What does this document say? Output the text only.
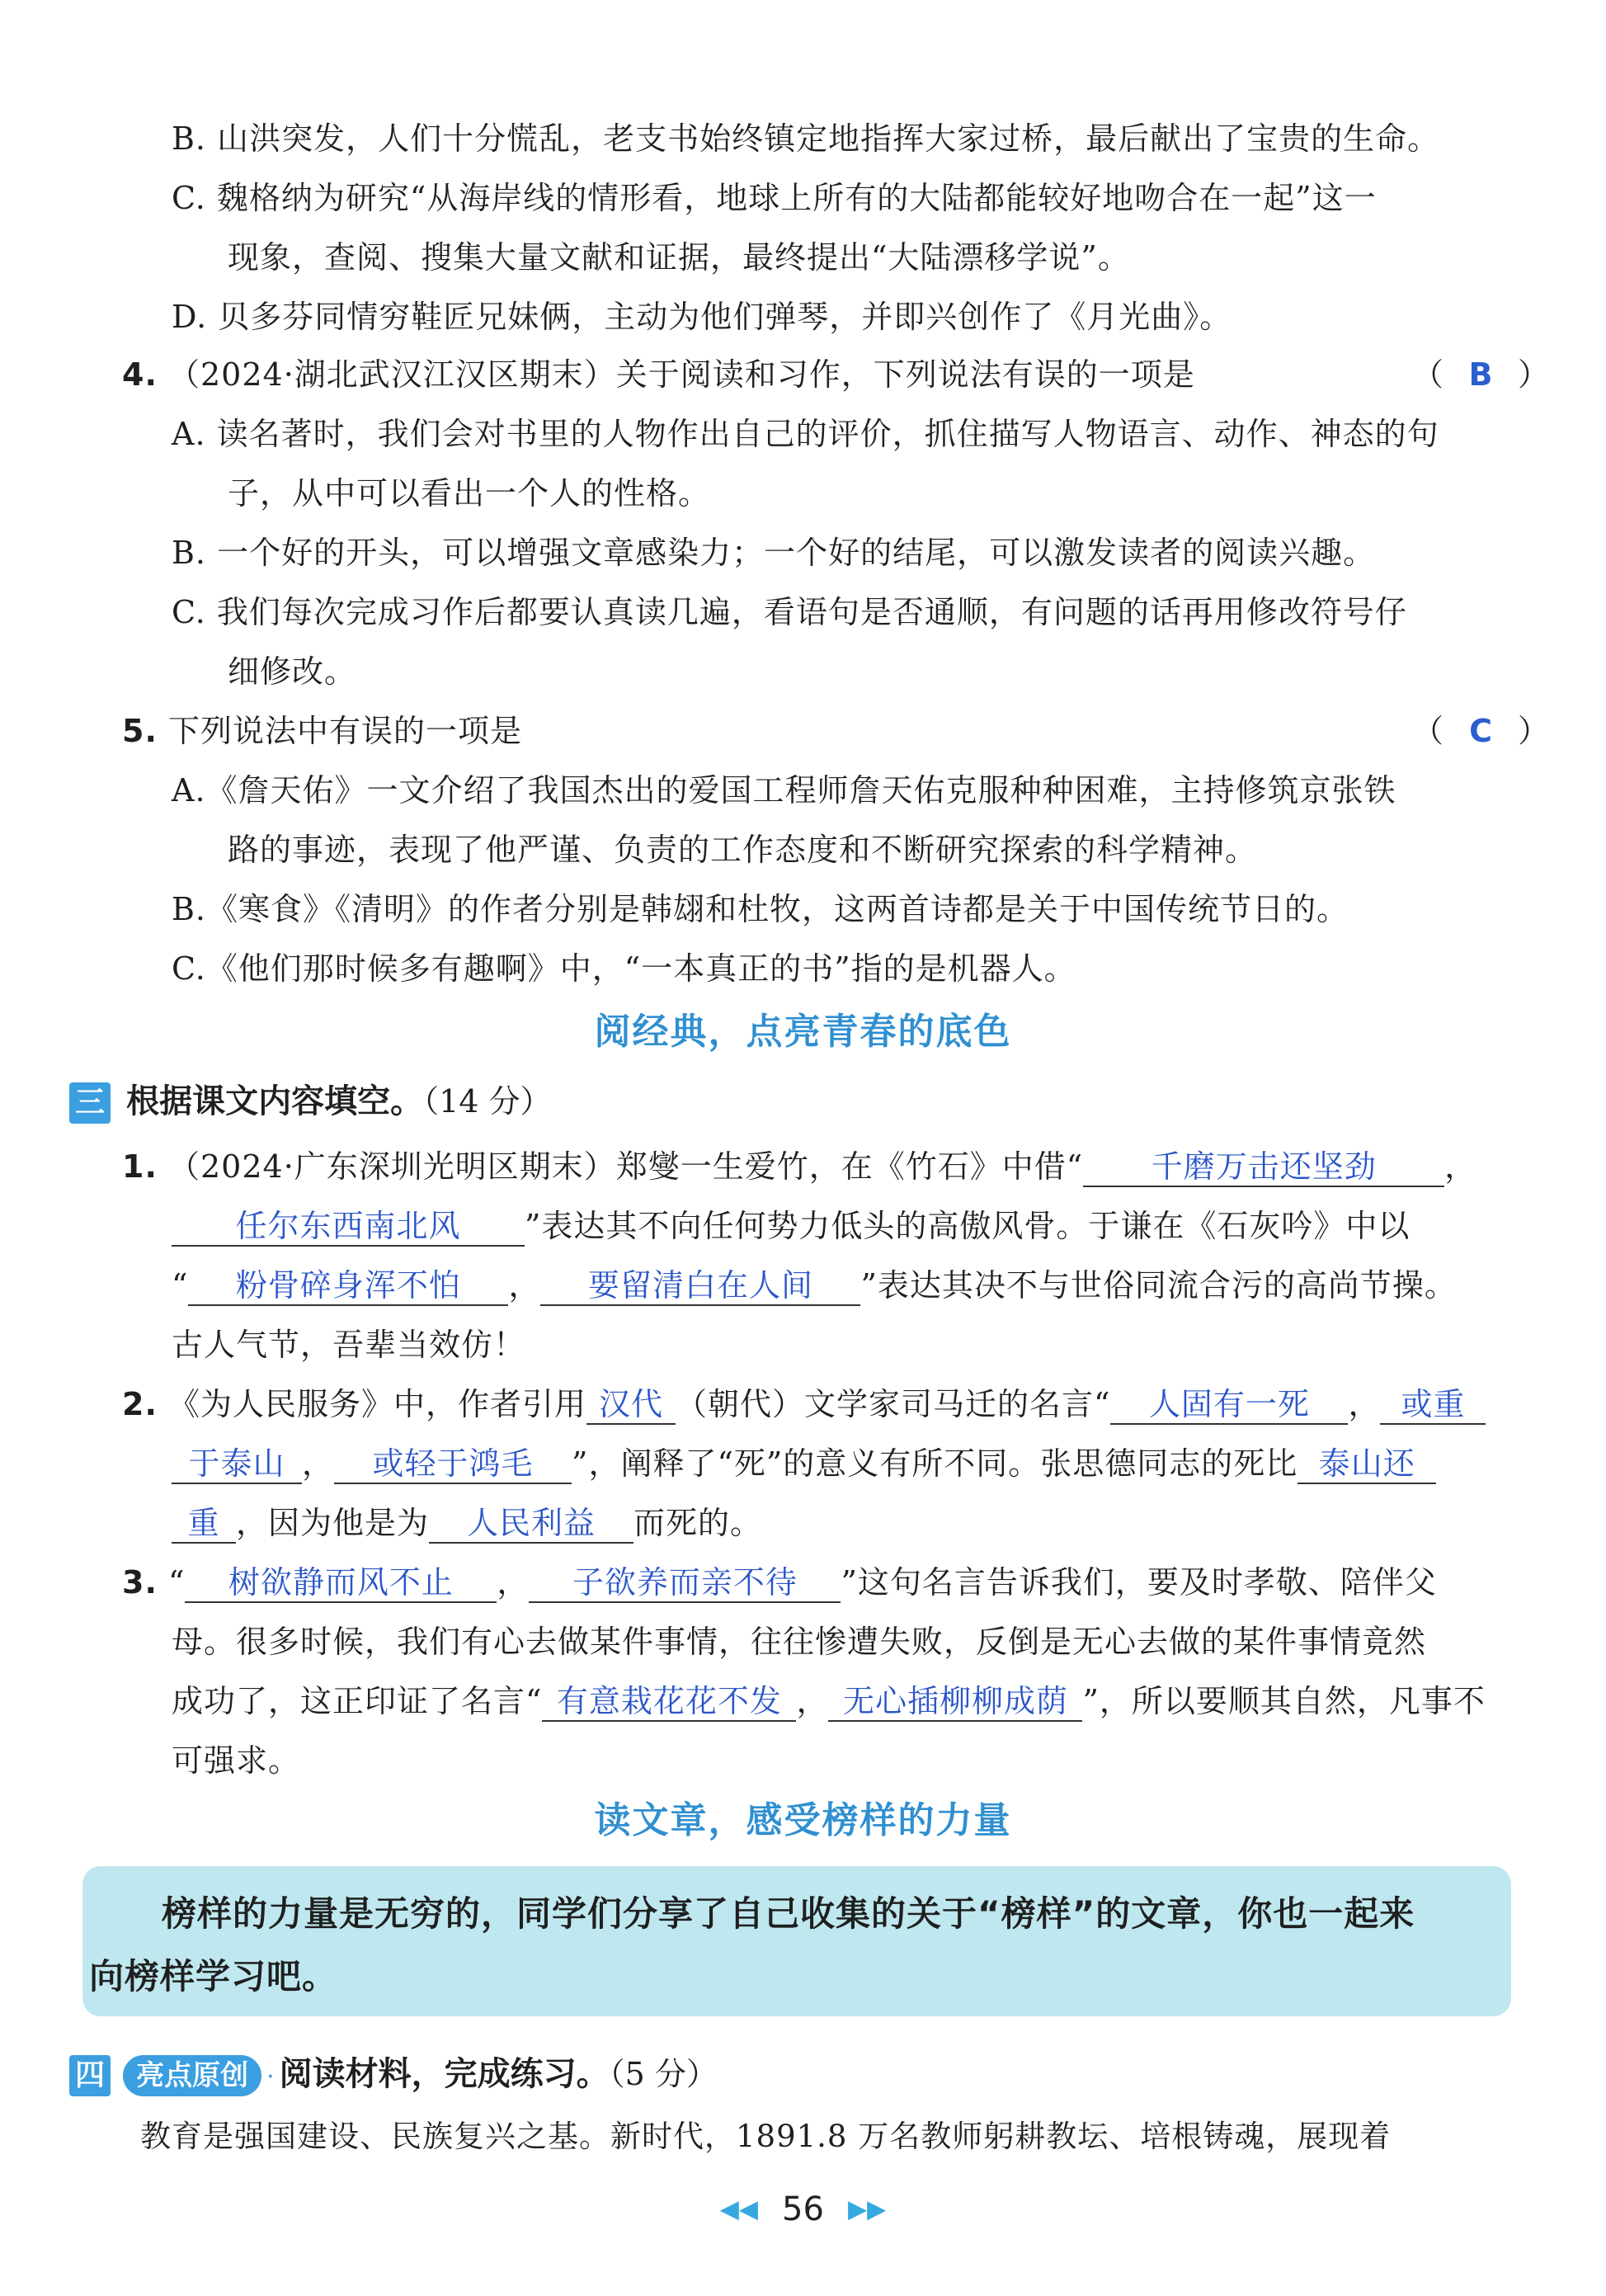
B. 山洪突发，人们十分慌乱，老支书始终镇定地指挥大家过桥，最后献出了宝贵的生命。
C. 魏格纳为研究“从海岸线的情形看，地球上所有的大陆都能较好地吻合在一起”这一
现象，查阅、搜集大量文献和证据，最终提出“大陆漂移学说”。
D. 贝多芬同情穷鞋匠兄妹俩，主动为他们弹琴，并即兴创作了《月光曲》。
4. （2024·湖北武汉江汉区期末）关于阅读和习作，下列说法有误的一项是	（ B ）
A. 读名著时，我们会对书里的人物作出自己的评价，抓住描写人物语言、动作、神态的句
子，从中可以看出一个人的性格。
B. 一个好的开头，可以增强文章感染力；一个好的结尾，可以激发读者的阅读兴趣。
C. 我们每次完成习作后都要认真读几遍，看语句是否通顺，有问题的话再用修改符号仔
细修改。
5. 下列说法中有误的一项是	（ C ）
A.《詹天佑》一文介绍了我国杰出的爱国工程师詹天佑克服种种困难，主持修筑京张铁
路的事迹，表现了他严谨、负责的工作态度和不断研究探索的科学精神。
B.《寒食》《清明》的作者分别是韩翃和杜牧，这两首诗都是关于中国传统节日的。
C.《他们那时候多有趣啊》中，“一本真正的书”指的是机器人。
阅经典，点亮青春的底色
三 根据课文内容填空。（14 分）
1. （2024·广东深圳光明区期末）郑燮一生爱竹，在《竹石》中借“ 千磨万击还坚劲 ，
任尔东西南北风 ”表达其不向任何势力低头的高傲风骨。于谦在《石灰吟》中以
“ 粉骨碎身浑不怕 ， 要留清白在人间 ”表达其决不与世俗同流合污的高尚节操。
古人气节，吾辈当效仿！
2. 《为人民服务》中，作者引用 汉代 （朝代）文学家司马迁的名言“ 人固有一死 ， 或重
于泰山 ， 或轻于鸿毛 ”，阐释了“死”的意义有所不同。张思德同志的死比 泰山还
重 ，因为他是为 人民利益 而死的。
3. “ 树欲静而风不止 ， 子欲养而亲不待 ”这句名言告诉我们，要及时孝敬、陪伴父
母。很多时候，我们有心去做某件事情，往往惨遭失败，反倒是无心去做的某件事情竟然
成功了，这正印证了名言“ 有意栽花花不发 ， 无心插柳柳成荫 ”，所以要顺其自然，凡事不
可强求。
读文章，感受榜样的力量
榜样的力量是无穷的，同学们分享了自己收集的关于“榜样”的文章，你也一起来
向榜样学习吧。
四 亮点原创 · 阅读材料，完成练习。（5 分）
教育是强国建设、民族复兴之基。新时代，1891.8 万名教师躬耕教坛、培根铸魂，展现着
◀◀ 56 ▶▶
